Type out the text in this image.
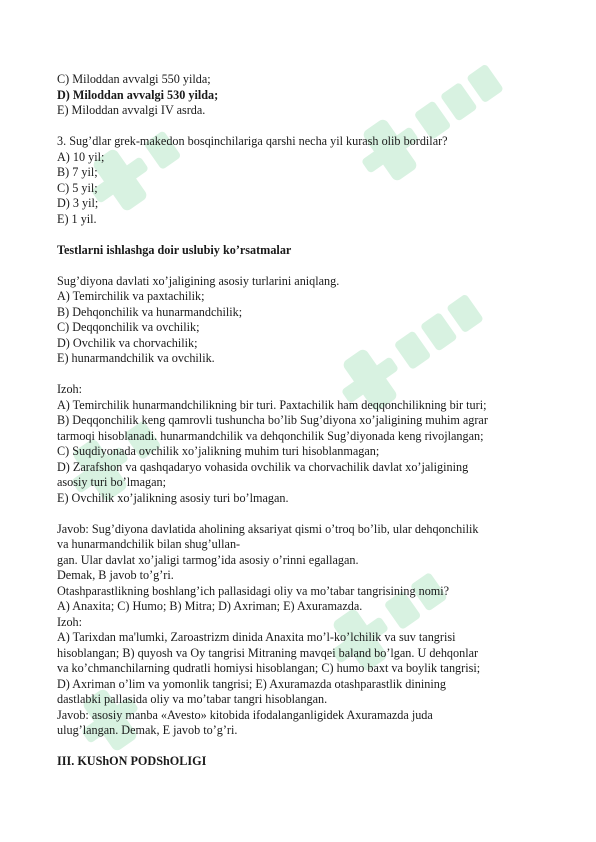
C) Miloddan avvalgi 550 yilda;
D) Miloddan avvalgi 530 yilda;
E) Miloddan avvalgi IV asrda.
3. Sug’dlar grek-makedon bosqinchilariga qarshi necha yil kurash olib bordilar?
A) 10 yil;
B) 7 yil;
C) 5 yil;
D) 3 yil;
E) 1 yil.
Testlarni ishlashga doir uslubiy ko’rsatmalar
Sug’diyona davlati xo’jaligining asosiy turlarini aniqlang.
A) Temirchilik va paxtachilik;
B) Dehqonchilik va hunarmandchilik;
C) Deqqonchilik va ovchilik;
D) Ovchilik va chorvachilik;
E) hunarmandchilik va ovchilik.
Izoh:
A) Temirchilik hunarmandchilikning bir turi. Paxtachilik ham deqqonchilikning bir turi;
B) Deqqonchilik keng qamrovli tushuncha bo’lib Sug’diyona xo’jaligining muhim agrar
tarmoqi hisoblanadi. hunarmandchilik va dehqonchilik Sug’diyonada keng rivojlangan;
C) Suqdiyonada ovchilik xo’jalikning muhim turi hisoblanmagan;
D) Zarafshon va qashqadaryo vohasida ovchilik va chorvachilik davlat xo’jaligining
asosiy turi bo’lmagan;
E) Ovchilik xo’jalikning asosiy turi bo’lmagan.
Javob: Sug’diyona davlatida aholining aksariyat qismi o’troq bo’lib, ular dehqonchilik
va hunarmandchilik bilan shug’ullan-
gan. Ular davlat xo’jaligi tarmog’ida asosiy o’rinni egallagan.
Demak, B javob to’g’ri.
Otashparastlikning boshlang’ich pallasidagi oliy va mo’tabar tangrisining nomi?
A) Anaxita; C) Humo; B) Mitra; D) Axriman; E) Axuramazda.
Izoh:
A) Tarixdan ma'lumki, Zaroastrizm dinida Anaxita mo’l-ko’lchilik va suv tangrisi
hisoblangan; B) quyosh va Oy tangrisi Mitraning mavqei baland bo’lgan. U dehqonlar
va ko’chmanchilarning qudratli homiysi hisoblangan; C) humo baxt va boylik tangrisi;
D) Axriman o’lim va yomonlik tangrisi; E) Axuramazda otashparastlik dinining
dastlabki pallasida oliy va mo’tabar tangri hisoblangan.
Javob: asosiy manba «Avesto» kitobida ifodalanganligidek Axuramazda juda
ulug’langan. Demak, E javob to’g’ri.
III. KUShON PODShOLIGI
